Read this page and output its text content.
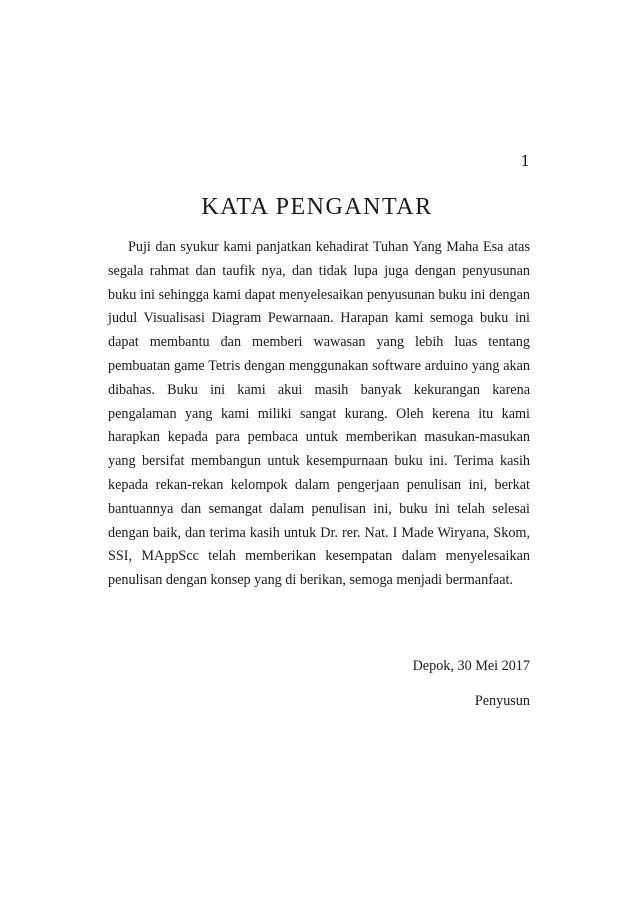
1
KATA PENGANTAR

Puji dan syukur kami panjatkan kehadirat Tuhan Yang Maha Esa atas segala rahmat dan taufik nya, dan tidak lupa juga dengan penyusunan buku ini sehingga kami dapat menyelesaikan penyusunan buku ini dengan judul Visualisasi Diagram Pewarnaan. Harapan kami semoga buku ini dapat membantu dan memberi wawasan yang lebih luas tentang pembuatan game Tetris dengan menggunakan software arduino yang akan dibahas. Buku ini kami akui masih banyak kekurangan karena pengalaman yang kami miliki sangat kurang. Oleh kerena itu kami harapkan kepada para pembaca untuk memberikan masukan-masukan yang bersifat membangun untuk kesempurnaan buku ini. Terima kasih kepada rekan-rekan kelompok dalam pengerjaan penulisan ini, berkat bantuannya dan semangat dalam penulisan ini, buku ini telah selesai dengan baik, dan terima kasih untuk Dr. rer. Nat. I Made Wiryana, Skom, SSI, MAppScc telah memberikan kesempatan dalam menyelesaikan penulisan dengan konsep yang di berikan, semoga menjadi bermanfaat.

Depok, 30 Mei 2017
Penyusun
